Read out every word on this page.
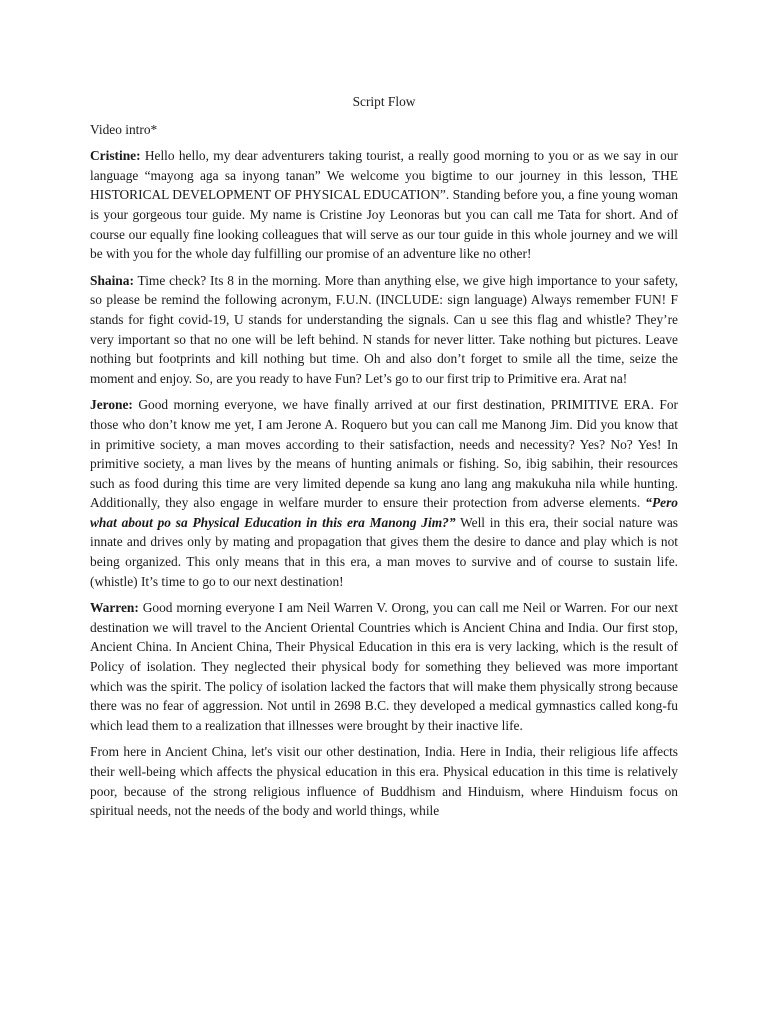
Script Flow
Video intro*

Cristine: Hello hello, my dear adventurers taking tourist, a really good morning to you or as we say in our language “mayong aga sa inyong tanan” We welcome you bigtime to our journey in this lesson, THE HISTORICAL DEVELOPMENT OF PHYSICAL EDUCATION”. Standing before you, a fine young woman is your gorgeous tour guide. My name is Cristine Joy Leonoras but you can call me Tata for short. And of course our equally fine looking colleagues that will serve as our tour guide in this whole journey and we will be with you for the whole day fulfilling our promise of an adventure like no other!

Shaina: Time check? Its 8 in the morning. More than anything else, we give high importance to your safety, so please be remind the following acronym, F.U.N. (INCLUDE: sign language) Always remember FUN! F stands for fight covid-19, U stands for understanding the signals. Can u see this flag and whistle? They’re very important so that no one will be left behind. N stands for never litter. Take nothing but pictures. Leave nothing but footprints and kill nothing but time. Oh and also don’t forget to smile all the time, seize the moment and enjoy. So, are you ready to have Fun? Let’s go to our first trip to Primitive era. Arat na!

Jerone: Good morning everyone, we have finally arrived at our first destination, PRIMITIVE ERA. For those who don’t know me yet, I am Jerone A. Roquero but you can call me Manong Jim. Did you know that in primitive society, a man moves according to their satisfaction, needs and necessity? Yes? No? Yes! In primitive society, a man lives by the means of hunting animals or fishing. So, ibig sabihin, their resources such as food during this time are very limited depende sa kung ano lang ang makukuha nila while hunting. Additionally, they also engage in welfare murder to ensure their protection from adverse elements. “Pero what about po sa Physical Education in this era Manong Jim?” Well in this era, their social nature was innate and drives only by mating and propagation that gives them the desire to dance and play which is not being organized. This only means that in this era, a man moves to survive and of course to sustain life. (whistle) It’s time to go to our next destination!

Warren: Good morning everyone I am Neil Warren V. Orong, you can call me Neil or Warren. For our next destination we will travel to the Ancient Oriental Countries which is Ancient China and India. Our first stop, Ancient China. In Ancient China, Their Physical Education in this era is very lacking, which is the result of Policy of isolation. They neglected their physical body for something they believed was more important which was the spirit. The policy of isolation lacked the factors that will make them physically strong because there was no fear of aggression. Not until in 2698 B.C. they developed a medical gymnastics called kong-fu which lead them to a realization that illnesses were brought by their inactive life.

From here in Ancient China, let's visit our other destination, India. Here in India, their religious life affects their well-being which affects the physical education in this era. Physical education in this time is relatively poor, because of the strong religious influence of Buddhism and Hinduism, where Hinduism focus on spiritual needs, not the needs of the body and world things, while
